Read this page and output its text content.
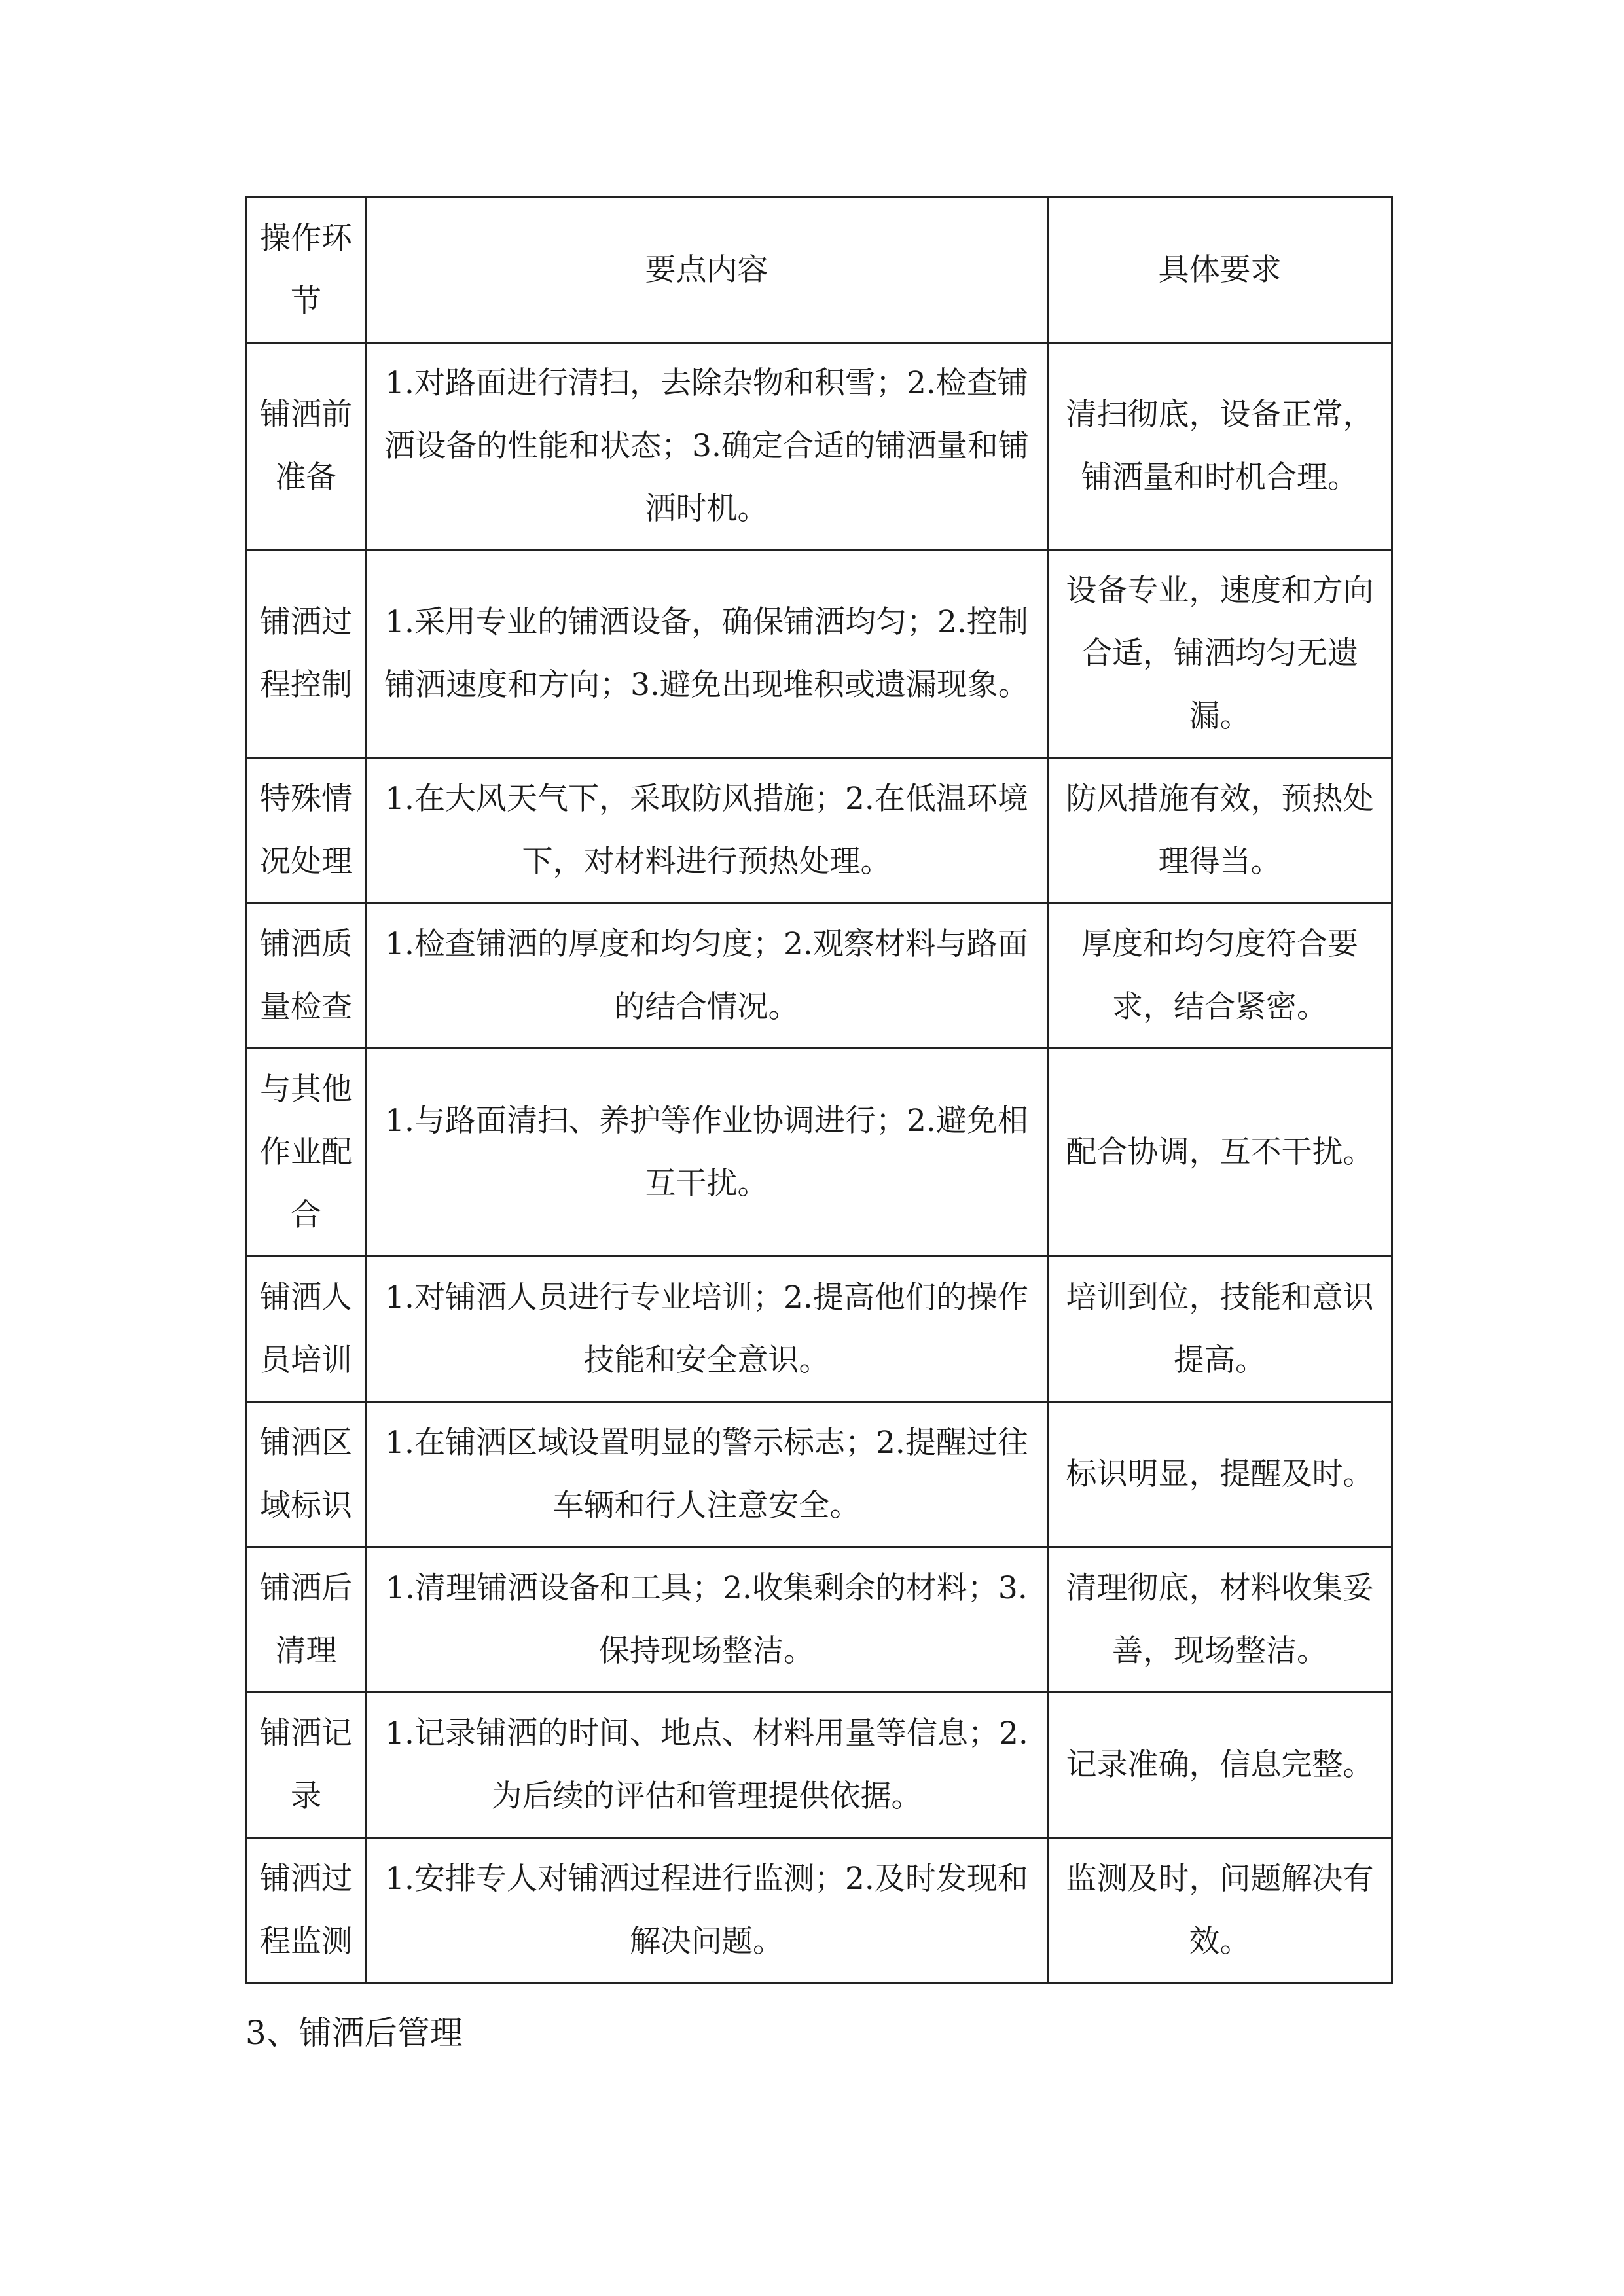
操作环节	要点内容	具体要求
铺洒前准备	1.对路面进行清扫，去除杂物和积雪；2.检查铺洒设备的性能和状态；3.确定合适的铺洒量和铺洒时机。	清扫彻底，设备正常，铺洒量和时机合理。
铺洒过程控制	1.采用专业的铺洒设备，确保铺洒均匀；2.控制铺洒速度和方向；3.避免出现堆积或遗漏现象。	设备专业，速度和方向合适，铺洒均匀无遗漏。
特殊情况处理	1.在大风天气下，采取防风措施；2.在低温环境下，对材料进行预热处理。	防风措施有效，预热处理得当。
铺洒质量检查	1.检查铺洒的厚度和均匀度；2.观察材料与路面的结合情况。	厚度和均匀度符合要求，结合紧密。
与其他作业配合	1.与路面清扫、养护等作业协调进行；2.避免相互干扰。	配合协调，互不干扰。
铺洒人员培训	1.对铺洒人员进行专业培训；2.提高他们的操作技能和安全意识。	培训到位，技能和意识提高。
铺洒区域标识	1.在铺洒区域设置明显的警示标志；2.提醒过往车辆和行人注意安全。	标识明显，提醒及时。
铺洒后清理	1.清理铺洒设备和工具；2.收集剩余的材料；3.保持现场整洁。	清理彻底，材料收集妥善，现场整洁。
铺洒记录	1.记录铺洒的时间、地点、材料用量等信息；2.为后续的评估和管理提供依据。	记录准确，信息完整。
铺洒过程监测	1.安排专人对铺洒过程进行监测；2.及时发现和解决问题。	监测及时，问题解决有效。
3、铺洒后管理
